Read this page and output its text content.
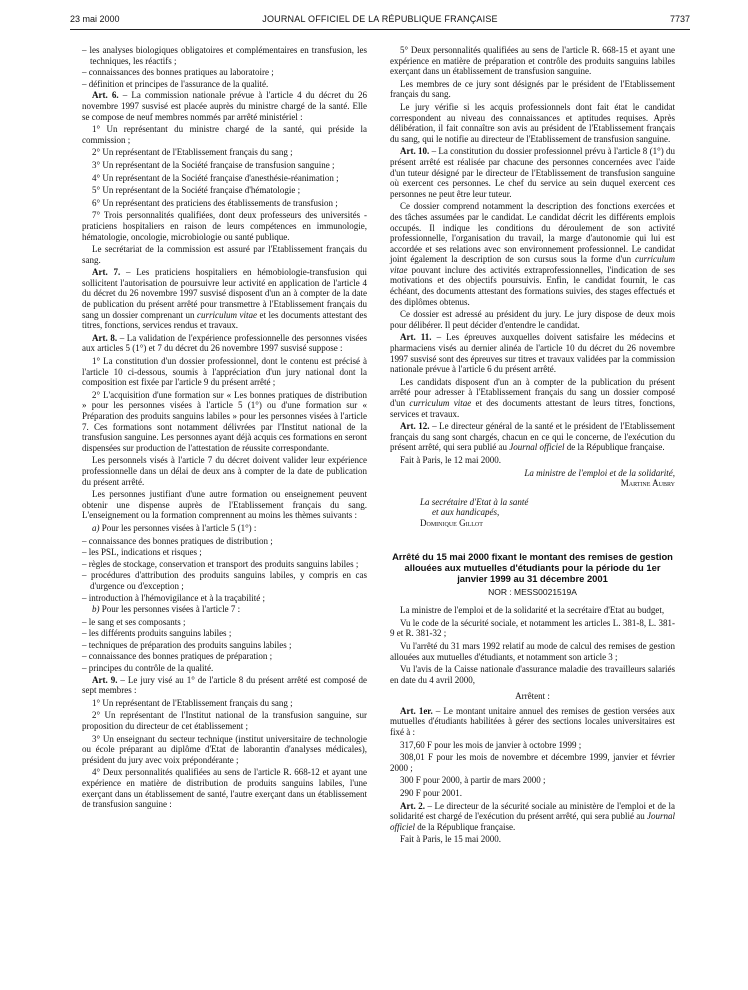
23 mai 2000	JOURNAL OFFICIEL DE LA RÉPUBLIQUE FRANÇAISE	7737

– les analyses biologiques obligatoires et complémentaires en transfusion, les techniques, les réactifs ;

– connaissances des bonnes pratiques au laboratoire ;

– définition et principes de l'assurance de la qualité.

Art. 6. – La commission nationale prévue à l'article 4 du décret du 26 novembre 1997 susvisé est placée auprès du ministre chargé de la santé. Elle se compose de neuf membres nommés par arrêté ministériel :

1° Un représentant du ministre chargé de la santé, qui préside la commission ;

2° Un représentant de l'Etablissement français du sang ;

3° Un représentant de la Société française de transfusion sanguine ;

4° Un représentant de la Société française d'anesthésie-réanimation ;

5° Un représentant de la Société française d'hématologie ;

6° Un représentant des praticiens des établissements de transfusion ;

7° Trois personnalités qualifiées, dont deux professeurs des universités - praticiens hospitaliers en raison de leurs compétences en immunologie, hématologie, oncologie, microbiologie ou santé publique.

Le secrétariat de la commission est assuré par l'Etablissement français du sang.

Art. 7. – Les praticiens hospitaliers en hémobiologie-transfusion qui sollicitent l'autorisation de poursuivre leur activité en application de l'article 4 du décret du 26 novembre 1997 susvisé disposent d'un an à compter de la date de publication du présent arrêté pour transmettre à l'Etablissement français du sang un dossier comprenant un curriculum vitae et les documents attestant des titres, fonctions, services rendus et travaux.

Art. 8. – La validation de l'expérience professionnelle des personnes visées aux articles 5 (1°) et 7 du décret du 26 novembre 1997 susvisé suppose :

1° La constitution d'un dossier professionnel, dont le contenu est précisé à l'article 10 ci-dessous, soumis à l'appréciation d'un jury national dont la composition est fixée par l'article 9 du présent arrêté ;

2° L'acquisition d'une formation sur « Les bonnes pratiques de distribution » pour les personnes visées à l'article 5 (1°) ou d'une formation sur « Préparation des produits sanguins labiles » pour les personnes visées à l'article 7. Ces formations sont notamment délivrées par l'Institut national de la transfusion sanguine. Les personnes ayant déjà acquis ces formations en seront dispensées sur production de l'attestation de réussite correspondante.

Les personnels visés à l'article 7 du décret doivent valider leur expérience professionnelle dans un délai de deux ans à compter de la date de publication du présent arrêté.

Les personnes justifiant d'une autre formation ou enseignement peuvent obtenir une dispense auprès de l'Etablissement français du sang. L'enseignement ou la formation comprennent au moins les thèmes suivants :

a) Pour les personnes visées à l'article 5 (1°) :

– connaissance des bonnes pratiques de distribution ;

– les PSL, indications et risques ;

– règles de stockage, conservation et transport des produits sanguins labiles ;

– procédures d'attribution des produits sanguins labiles, y compris en cas d'urgence ou d'exception ;

– introduction à l'hémovigilance et à la traçabilité ;

b) Pour les personnes visées à l'article 7 :

– le sang et ses composants ;

– les différents produits sanguins labiles ;

– techniques de préparation des produits sanguins labiles ;

– connaissance des bonnes pratiques de préparation ;

– principes du contrôle de la qualité.

Art. 9. – Le jury visé au 1° de l'article 8 du présent arrêté est composé de sept membres :

1° Un représentant de l'Etablissement français du sang ;

2° Un représentant de l'Institut national de la transfusion sanguine, sur proposition du directeur de cet établissement ;

3° Un enseignant du secteur technique (institut universitaire de technologie ou école préparant au diplôme d'Etat de laborantin d'analyses médicales), président du jury avec voix prépondérante ;

4° Deux personnalités qualifiées au sens de l'article R. 668-12 et ayant une expérience en matière de distribution de produits sanguins labiles, l'une exerçant dans un établissement de santé, l'autre exerçant dans un établissement de transfusion sanguine :

5° Deux personnalités qualifiées au sens de l'article R. 668-15 et ayant une expérience en matière de préparation et contrôle des produits sanguins labiles exerçant dans un établissement de transfusion sanguine.

Les membres de ce jury sont désignés par le président de l'Etablissement français du sang.

Le jury vérifie si les acquis professionnels dont fait état le candidat correspondent au niveau des connaissances et aptitudes requises. Après délibération, il fait connaître son avis au président de l'Etablissement français du sang, qui le notifie au directeur de l'Etablissement de transfusion sanguine.

Art. 10. – La constitution du dossier professionnel prévu à l'article 8 (1°) du présent arrêté est réalisée par chacune des personnes concernées avec l'aide d'un tuteur désigné par le directeur de l'Etablissement de transfusion sanguine où exercent ces personnes. Le chef du service au sein duquel exercent ces personnes ne peut être leur tuteur.

Ce dossier comprend notamment la description des fonctions exercées et des tâches assumées par le candidat. Le candidat décrit les différents emplois occupés. Il indique les conditions du déroulement de son activité professionnelle, l'organisation du travail, la marge d'autonomie qui lui est accordée et ses relations avec son environnement professionnel. Le candidat joint également la description de son cursus sous la forme d'un curriculum vitae pouvant inclure des activités extraprofessionnelles, l'indication de ses motivations et des objectifs poursuivis. Enfin, le candidat fournit, le cas échéant, des documents attestant des formations suivies, des stages effectués et des diplômes obtenus.

Ce dossier est adressé au président du jury. Le jury dispose de deux mois pour délibérer. Il peut décider d'entendre le candidat.

Art. 11. – Les épreuves auxquelles doivent satisfaire les médecins et pharmaciens visés au dernier alinéa de l'article 10 du décret du 26 novembre 1997 susvisé sont des épreuves sur titres et travaux validées par la commission nationale prévue à l'article 6 du présent arrêté.

Les candidats disposent d'un an à compter de la publication du présent arrêté pour adresser à l'Etablissement français du sang un dossier composé d'un curriculum vitae et des documents attestant de leurs titres, fonctions, services et travaux.

Art. 12. – Le directeur général de la santé et le président de l'Etablissement français du sang sont chargés, chacun en ce qui le concerne, de l'exécution du présent arrêté, qui sera publié au Journal officiel de la République française.

Fait à Paris, le 12 mai 2000.

La ministre de l'emploi et de la solidarité,
Martine Aubry
La secrétaire d'Etat à la santé
et aux handicapés,
Dominique Gillot
Arrêté du 15 mai 2000 fixant le montant des remises de gestion allouées aux mutuelles d'étudiants pour la période du 1er janvier 1999 au 31 décembre 2001
NOR : MESS0021519A

La ministre de l'emploi et de la solidarité et la secrétaire d'Etat au budget,

Vu le code de la sécurité sociale, et notamment les articles L. 381-8, L. 381-9 et R. 381-32 ;

Vu l'arrêté du 31 mars 1992 relatif au mode de calcul des remises de gestion allouées aux mutuelles d'étudiants, et notamment son article 3 ;

Vu l'avis de la Caisse nationale d'assurance maladie des travailleurs salariés en date du 4 avril 2000,

Arrêtent :

Art. 1er. – Le montant unitaire annuel des remises de gestion versées aux mutuelles d'étudiants habilitées à gérer des sections locales universitaires est fixé à :

317,60 F pour les mois de janvier à octobre 1999 ;

308,01 F pour les mois de novembre et décembre 1999, janvier et février 2000 ;

300 F pour 2000, à partir de mars 2000 ;

290 F pour 2001.

Art. 2. – Le directeur de la sécurité sociale au ministère de l'emploi et de la solidarité est chargé de l'exécution du présent arrêté, qui sera publié au Journal officiel de la République française.

Fait à Paris, le 15 mai 2000.
